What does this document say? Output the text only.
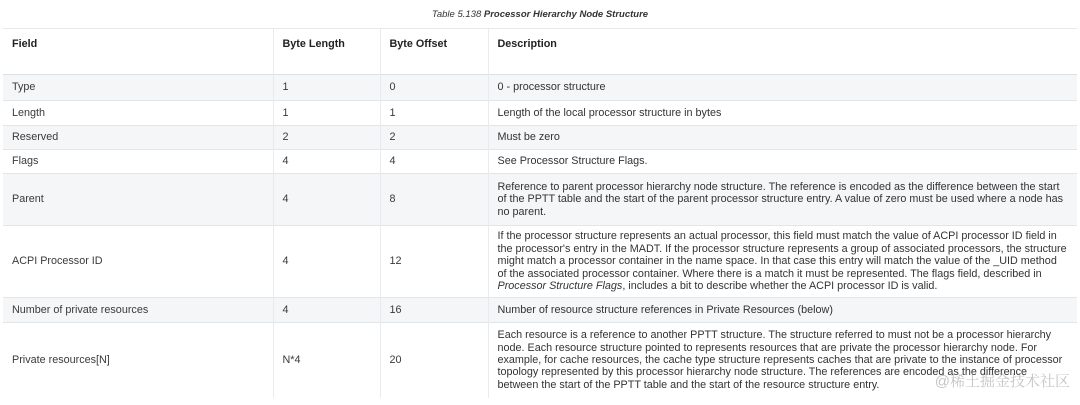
Table 5.138 Processor Hierarchy Node Structure
Field	Byte Length	Byte Offset	Description
Type	1	0	0 - processor structure
Length	1	1	Length of the local processor structure in bytes
Reserved	2	2	Must be zero
Flags	4	4	See Processor Structure Flags.
Parent	4	8	Reference to parent processor hierarchy node structure. The reference is encoded as the difference between the start of the PPTT table and the start of the parent processor structure entry. A value of zero must be used where a node has no parent.
ACPI Processor ID	4	12	If the processor structure represents an actual processor, this field must match the value of ACPI processor ID field in the processor's entry in the MADT. If the processor structure represents a group of associated processors, the structure might match a processor container in the name space. In that case this entry will match the value of the _UID method of the associated processor container. Where there is a match it must be represented. The flags field, described in Processor Structure Flags, includes a bit to describe whether the ACPI processor ID is valid.
Number of private resources	4	16	Number of resource structure references in Private Resources (below)
Private resources[N]	N*4	20	Each resource is a reference to another PPTT structure. The structure referred to must not be a processor hierarchy node. Each resource structure pointed to represents resources that are private the processor hierarchy node. For example, for cache resources, the cache type structure represents caches that are private to the instance of processor topology represented by this processor hierarchy node structure. The references are encoded as the difference between the start of the PPTT table and the start of the resource structure entry.	@稀土掘金技术社区
